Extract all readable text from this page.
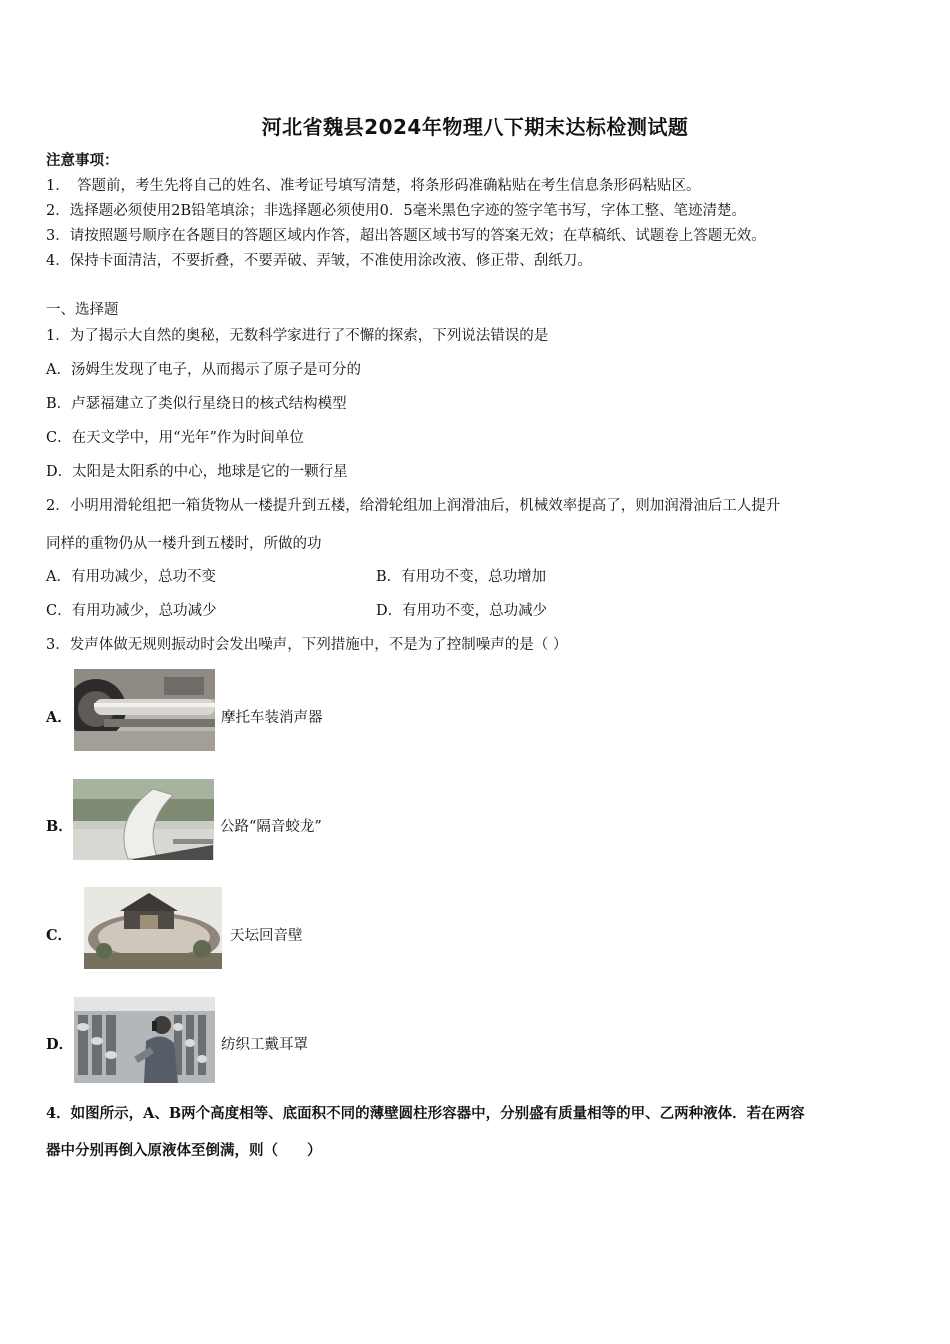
河北省魏县2024年物理八下期末达标检测试题
注意事项：
1．　答题前，考生先将自己的姓名、准考证号填写清楚，将条形码准确粘贴在考生信息条形码粘贴区。
2．选择题必须使用2B铅笔填涂；非选择题必须使用0．5毫米黑色字迹的签字笔书写，字体工整、笔迹清楚。
3．请按照题号顺序在各题目的答题区域内作答，超出答题区域书写的答案无效；在草稿纸、试题卷上答题无效。
4．保持卡面清洁，不要折叠，不要弄破、弄皱，不准使用涂改液、修正带、刮纸刀。
一、选择题
1．为了揭示大自然的奥秘，无数科学家进行了不懈的探索，下列说法错误的是
A．汤姆生发现了电子，从而揭示了原子是可分的
B．卢瑟福建立了类似行星绕日的核式结构模型
C．在天文学中，用“光年”作为时间单位
D．太阳是太阳系的中心，地球是它的一颗行星
2．小明用滑轮组把一箱货物从一楼提升到五楼，给滑轮组加上润滑油后，机械效率提高了，则加润滑油后工人提升
同样的重物仍从一楼升到五楼时，所做的功
A．有用功减少，总功不变	B．有用功不变，总功增加
C．有用功减少，总功减少	D．有用功不变，总功减少
3．发声体做无规则振动时会发出噪声，下列措施中，不是为了控制噪声的是（ ）
A．	摩托车装消声器
B．	公路“隔音蛟龙”
C．	天坛回音壁
D．	纺织工戴耳罩
4．如图所示，A、B两个高度相等、底面积不同的薄壁圆柱形容器中，分别盛有质量相等的甲、乙两种液体．若在两容
器中分别再倒入原液体至倒满，则（　　）
